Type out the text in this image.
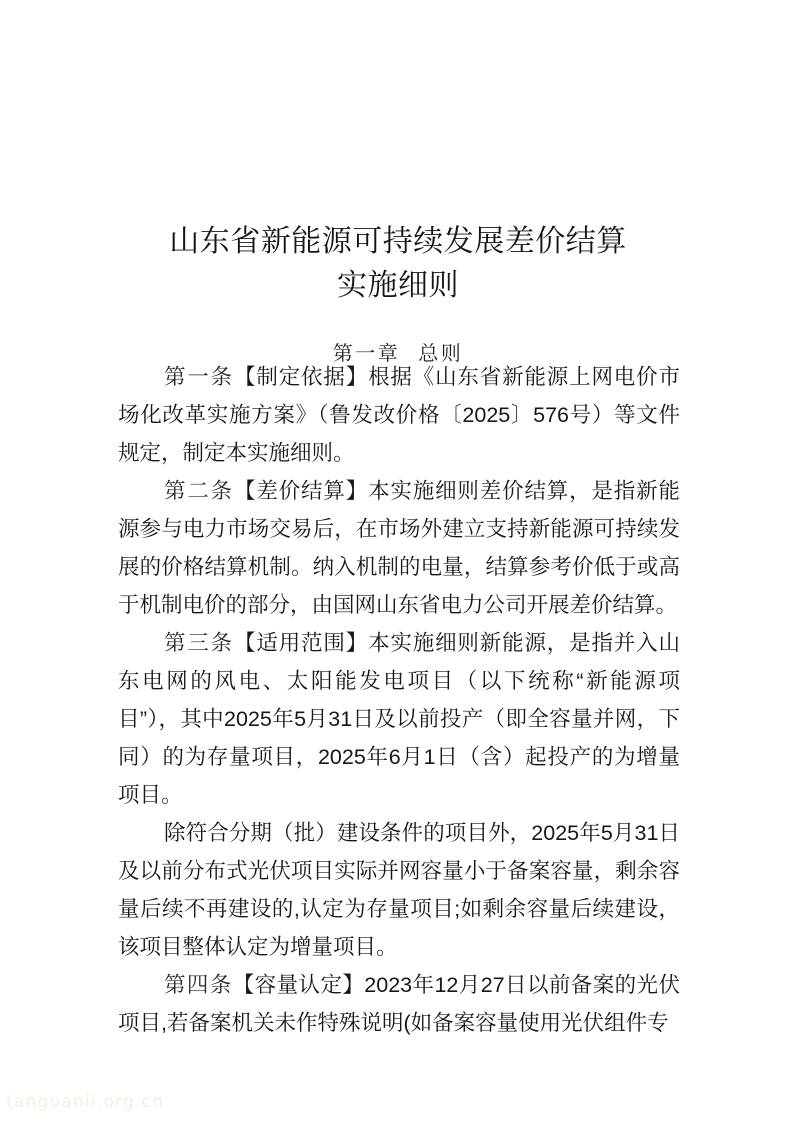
山东省新能源可持续发展差价结算
实施细则
第一章 总则

第一条【制定依据】根据《山东省新能源上网电价市场化改革实施方案》（鲁发改价格〔2025〕576号）等文件规定，制定本实施细则。

第二条【差价结算】本实施细则差价结算，是指新能源参与电力市场交易后，在市场外建立支持新能源可持续发展的价格结算机制。纳入机制的电量，结算参考价低于或高于机制电价的部分，由国网山东省电力公司开展差价结算。

第三条【适用范围】本实施细则新能源，是指并入山东电网的风电、太阳能发电项目（以下统称“新能源项目”），其中2025年5月31日及以前投产（即全容量并网，下同）的为存量项目，2025年6月1日（含）起投产的为增量项目。

除符合分期（批）建设条件的项目外，2025年5月31日及以前分布式光伏项目实际并网容量小于备案容量，剩余容量后续不再建设的,认定为存量项目;如剩余容量后续建设，该项目整体认定为增量项目。

第四条【容量认定】2023年12月27日以前备案的光伏项目,若备案机关未作特殊说明(如备案容量使用光伏组件专

tanguanli.org.cn
